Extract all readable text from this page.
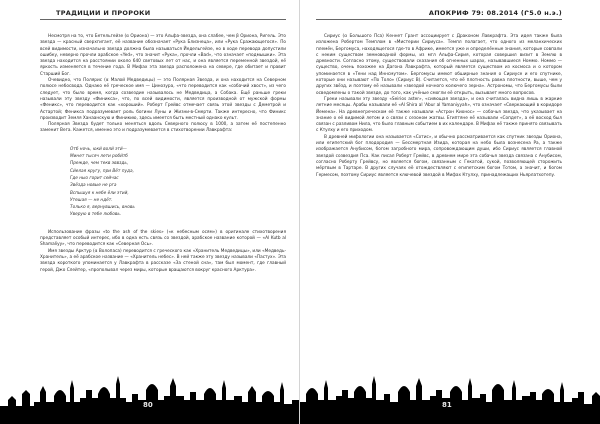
ТРАДИЦИИ И ПРОРОКИ

Несмотря на то, что Бетельгейзе (α Ориона) — это Альфа-звезда, она слабее, чем β Ориона, Ригель. Это звезда — красный сверхгигант, её название обозначает «Рука Близнеца», или «Рука Сражающегося». По всей видимости, изначально звезда должна была называться Йедельгейзе, но в ходе перевода допустили ошибку, неверно прочли арабское «Yed», что значит «Рука», прочли «Bad», что означает «подмышки». Эта звезда находится на расстоянии около 640 световых лет от нас, и она является переменной звездой, её яркость изменяется в течение года. В Мифах эта звезда расположена на севере, где обитает и правит Старший Бог.

Очевидно, что Полярис (α Малой Медведицы) — это Полярная Звезда, и она находится на Северном полюсе небосвода. Однако её греческое имя — Цинозура, «что переводится как «собачий хвост», из чего следует, что было время, когда созвездие называлось не Медведица, а Собака. Ещё раньше греки называли эту звезду «Финикса», что, по всей видимости, является производной от мужской формы «Феникс», что переводится как «хороший». Роберт Грейвс отмечает связь этой звезды с Деметрой и Астартой; Феникса подразумевает роль богини Луны и Жизни-в-Смерти. Также интересно, что Финикс производит Земля Ханаанскую и Финикию, здесь имеется быть местный однако культ.

Полярная Звезда будет только меняться вдоль Северного полюсу в 1000, а затем её постепенно заменит Вега. Кажется, именно это и подразумевается в стихотворении Лавкрафта:

Отб ночь, юкй волй этй—
Минет тысяч лети робйтб
Прежде, чем текв эввздь,
Сйелая кругу, при Вёт пуда,
Где ныо горит сейчас
Звёзда новые не рга
Вспышуя к небе ёли этий,
Утешая — не ндёт.
Только я, вернувшись, вновь
Уверую в тебе любовь.

Использование фразы «to the ash of the skies» («к небесным осям») в оригинале стихотворения представляет особый интерес, ибо в одна есть связь со звездой, арабское название которой — «Al Kutb al Shamaliyy», что переводится как «Северная Ось».

Имя звезды Арктур (α Волопаса) переводится с греческого как «Хранитель Медведицы», или «Медведь-Хранитель», а её арабское название — «Хранитель небес». В ней также эту звезду называли «Пастух». Эта звезда короткого упоминается у Лавкрафта в рассказе «За стеной сна», там был момент, где главный герой, Джо Слейтер, «прополывал через миры, которые вращаются вокруг красного Арктура».

80
АПОКРИФ 79: 08.2014 (ᒋ5.0 н.э.)

Сириус (α Большого Пса) Кеннет Грант ассоциирует с Драконом Лавкрафта. Эта идея также была изложена Робертом Темплом в «Мистерии Сириуса». Темпл полагает, что одного из меланхических племён, Бергомуса, находящегося где-то в Африке, имеется уже и определённые знания, которые совпали с неким существом земноводной формы, из мгл Альфа-Сирия, которая совершил визит в Землю в древности. Согласно этому, существовали сказания об огненных шарах, называвшиеся Номмо. Номмо — существо, очень похожее на Дагона Лавкрафта, который является существом из космоса и о котором упоминается в «Тени над Иннсмутом». Бергомусы имеют обширные знания о Сириусе и его спутнике, которые они называют «По Толо» (Сириус B). Считается, что её плотность равна плотности, выше, чем у других звёзд, и поэтому её называли «звездой ночного колючего зерна». Астрономы, что Бергомусы были осведомлены о такой звезде, до того, как учёные смогли её открыть, вызывает много вопросов.

Греки называли эту звезду «Seirios aster», «сияющая звезда», и она считалась видна лишь в жаркие летние месяцы. Арабы называли её «Al Shira al 'Abur al Yamaniyyah», что означает «Сверкающий в коридоре Йемена». На древнегреческом её также называли «Астрон Кионос» — собачья звезда, что указывает на знание о её видимой летом и о связи с сезоном жатвы. Египтяне её называли «Сопдет», а её восход был связан с разливом Нила, что было главным событием в их календаре. В Мифах её также принято связывать с Ктулху и его приходом.

В древней мифологии она называется «Сотис», и обычно рассматривается как спутник звезды Ориона, или египетский бог плодородия — Бессмертная Изида, которая на небо была вознесена Ра, а также изображается Анубисом, богом загробного мира, сопровождающим души, ибо Сириус является главной звездой созвездия Пса. Как писал Роберт Грейвс, в древнем мире эта собачья звезда связана с Анубисом, согласно Роберту Грейвсу, но является богом, связанным с Гекатой, сукой, позволяющей сторожить мёртвым в Тартаре. В других случаях её отождествляют с египетским богом Тотом, а значит, и богом Гермесом, поэтому Сириус является ключевой звездой в Мифах Ктулху, принадлежащих Ньярлатхотепу.

81
